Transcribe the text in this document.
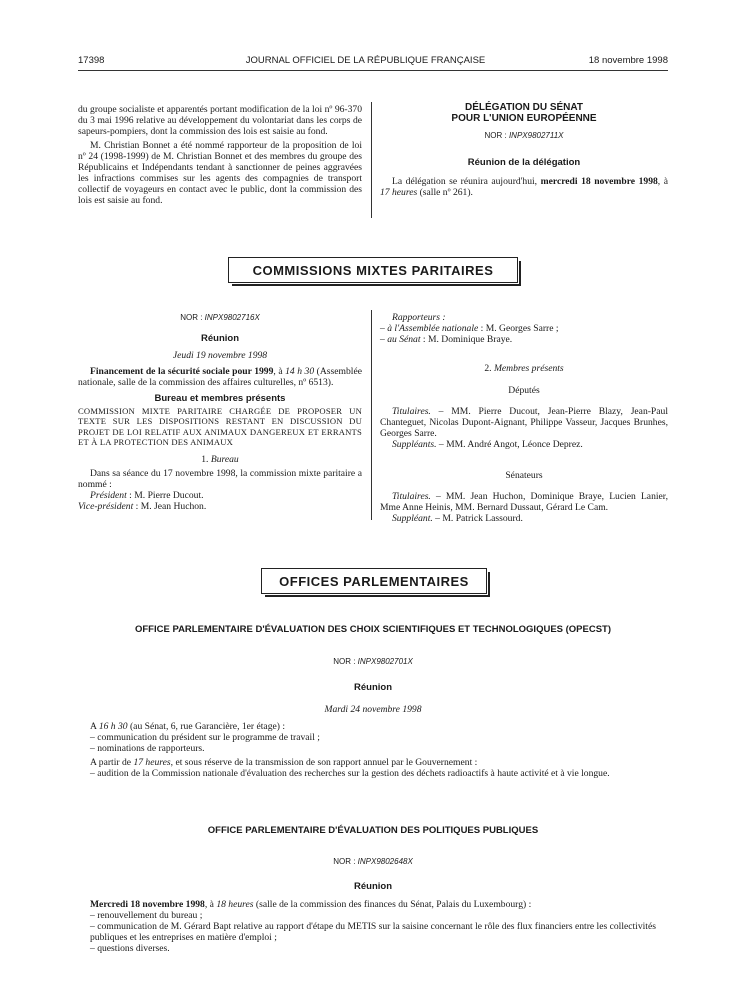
17398	JOURNAL OFFICIEL DE LA RÉPUBLIQUE FRANÇAISE	18 novembre 1998

du groupe socialiste et apparentés portant modification de la loi nº 96-370 du 3 mai 1996 relative au développement du volontariat dans les corps de sapeurs-pompiers, dont la commission des lois est saisie au fond.

M. Christian Bonnet a été nommé rapporteur de la proposition de loi nº 24 (1998-1999) de M. Christian Bonnet et des membres du groupe des Républicains et Indépendants tendant à sanctionner de peines aggravées les infractions commises sur les agents des compagnies de transport collectif de voyageurs en contact avec le public, dont la commission des lois est saisie au fond.

DÉLÉGATION DU SÉNAT
POUR L'UNION EUROPÉENNE
NOR : INPX9802711X
Réunion de la délégation

La délégation se réunira aujourd'hui, mercredi 18 novembre 1998, à 17 heures (salle nº 261).

COMMISSIONS MIXTES PARITAIRES
NOR : INPX9802716X
Réunion
Jeudi 19 novembre 1998

Financement de la sécurité sociale pour 1999, à 14 h 30 (Assemblée nationale, salle de la commission des affaires culturelles, nº 6513).

Bureau et membres présents

COMMISSION MIXTE PARITAIRE CHARGÉE DE PROPOSER UN TEXTE SUR LES DISPOSITIONS RESTANT EN DISCUSSION DU PROJET DE LOI RELATIF AUX ANIMAUX DANGEREUX ET ERRANTS ET À LA PROTECTION DES ANIMAUX

1. Bureau

Dans sa séance du 17 novembre 1998, la commission mixte paritaire a nommé :

Président : M. Pierre Ducout.

Vice-président : M. Jean Huchon.

Rapporteurs :

– à l'Assemblée nationale : M. Georges Sarre ;

– au Sénat : M. Dominique Braye.

2. Membres présents
Députés

Titulaires. – MM. Pierre Ducout, Jean-Pierre Blazy, Jean-Paul Chanteguet, Nicolas Dupont-Aignant, Philippe Vasseur, Jacques Brunhes, Georges Sarre.

Suppléants. – MM. André Angot, Léonce Deprez.

Sénateurs

Titulaires. – MM. Jean Huchon, Dominique Braye, Lucien Lanier, Mme Anne Heinis, MM. Bernard Dussaut, Gérard Le Cam.

Suppléant. – M. Patrick Lassourd.

OFFICES PARLEMENTAIRES
OFFICE PARLEMENTAIRE D'ÉVALUATION DES CHOIX SCIENTIFIQUES ET TECHNOLOGIQUES (OPECST)
NOR : INPX9802701X
Réunion
Mardi 24 novembre 1998

A 16 h 30 (au Sénat, 6, rue Garancière, 1er étage) :

– communication du président sur le programme de travail ;

– nominations de rapporteurs.

A partir de 17 heures, et sous réserve de la transmission de son rapport annuel par le Gouvernement :

– audition de la Commission nationale d'évaluation des recherches sur la gestion des déchets radioactifs à haute activité et à vie longue.

OFFICE PARLEMENTAIRE D'ÉVALUATION DES POLITIQUES PUBLIQUES
NOR : INPX9802648X
Réunion

Mercredi 18 novembre 1998, à 18 heures (salle de la commission des finances du Sénat, Palais du Luxembourg) :

– renouvellement du bureau ;

– communication de M. Gérard Bapt relative au rapport d'étape du METIS sur la saisine concernant le rôle des flux financiers entre les collectivités publiques et les entreprises en matière d'emploi ;

– questions diverses.
